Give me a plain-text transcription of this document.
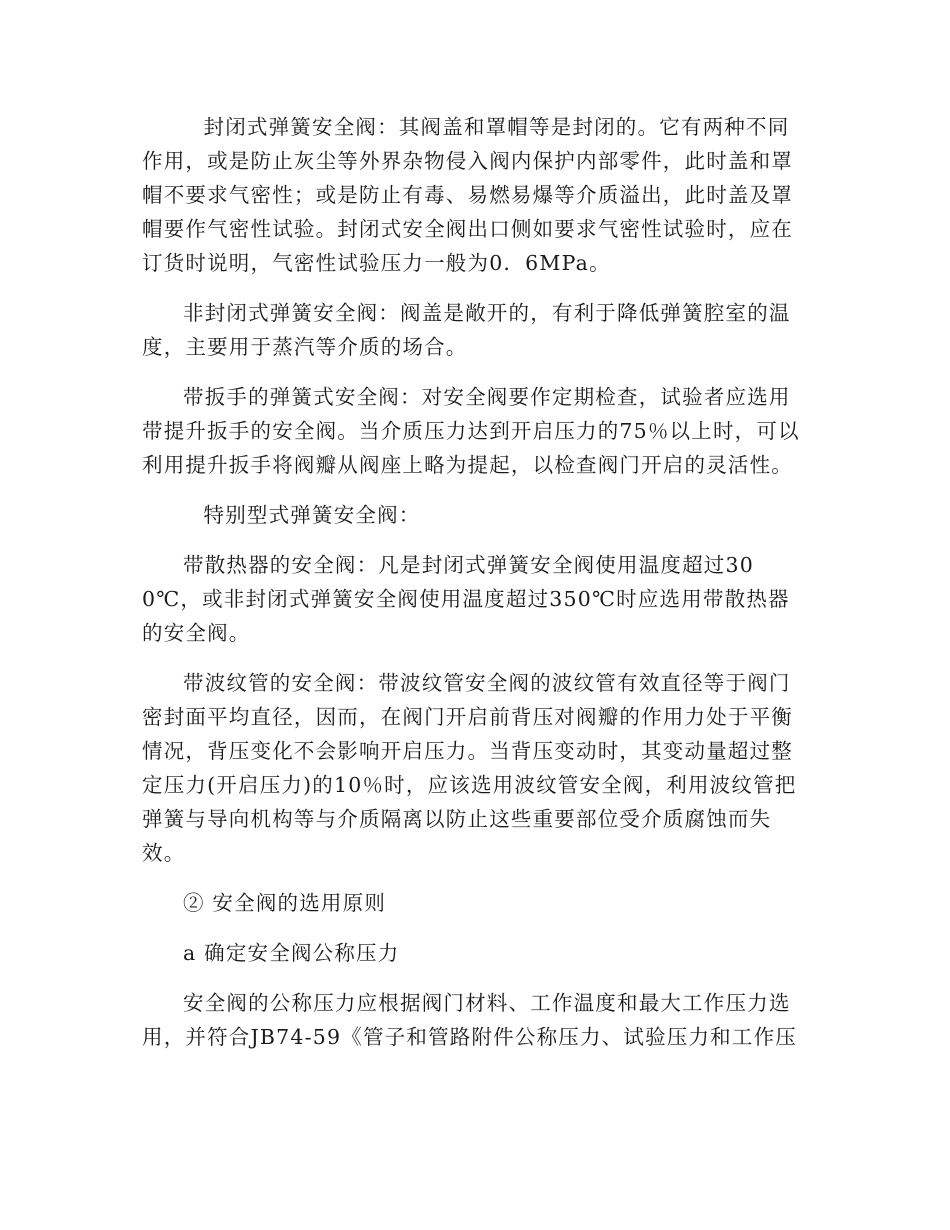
封闭式弹簧安全阀：其阀盖和罩帽等是封闭的。它有两种不同作用，或是防止灰尘等外界杂物侵入阀内保护内部零件，此时盖和罩帽不要求气密性；或是防止有毒、易燃易爆等介质溢出，此时盖及罩帽要作气密性试验。封闭式安全阀出口侧如要求气密性试验时，应在订货时说明，气密性试验压力一般为0．6MPa。

非封闭式弹簧安全阀：阀盖是敞开的，有利于降低弹簧腔室的温度，主要用于蒸汽等介质的场合。

带扳手的弹簧式安全阀：对安全阀要作定期检查，试验者应选用带提升扳手的安全阀。当介质压力达到开启压力的75％以上时，可以利用提升扳手将阀瓣从阀座上略为提起，以检查阀门开启的灵活性。

特别型式弹簧安全阀：

带散热器的安全阀：凡是封闭式弹簧安全阀使用温度超过300℃，或非封闭式弹簧安全阀使用温度超过350℃时应选用带散热器的安全阀。

带波纹管的安全阀：带波纹管安全阀的波纹管有效直径等于阀门密封面平均直径，因而，在阀门开启前背压对阀瓣的作用力处于平衡情况，背压变化不会影响开启压力。当背压变动时，其变动量超过整定压力(开启压力)的10％时，应该选用波纹管安全阀，利用波纹管把弹簧与导向机构等与介质隔离以防止这些重要部位受介质腐蚀而失效。

② 安全阀的选用原则

a 确定安全阀公称压力

安全阀的公称压力应根据阀门材料、工作温度和最大工作压力选用，并符合JB74-59《管子和管路附件公称压力、试验压力和工作压
